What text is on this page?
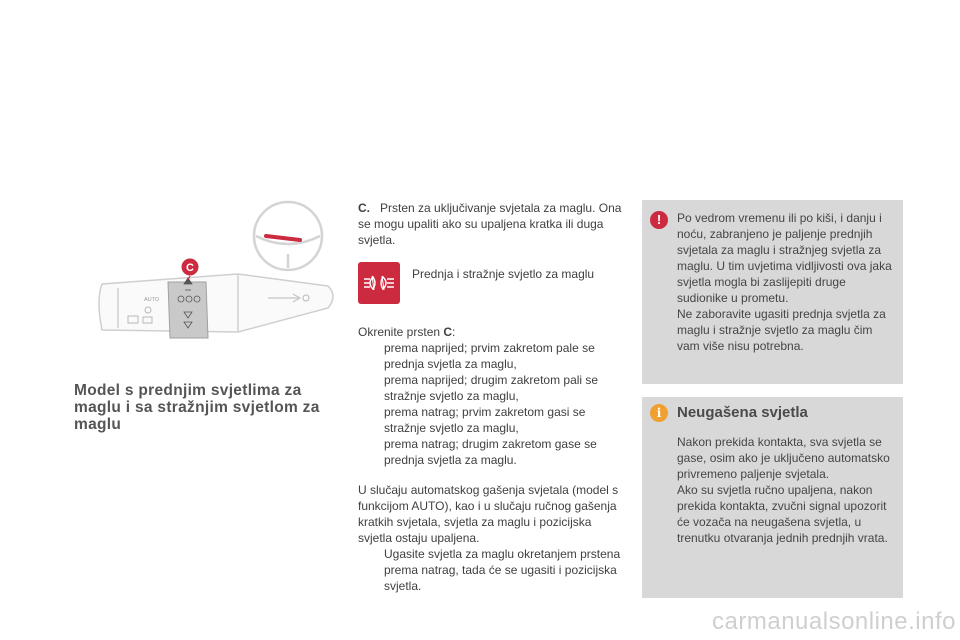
AUTO
C
Model s prednjim svjetlima za maglu i sa stražnjim svjetlom za maglu

C. Prsten za uključivanje svjetala za maglu. Ona se mogu upaliti ako su upaljena kratka ili duga svjetla.

Prednja i stražnje svjetlo za maglu

Okrenite prsten C:

prema naprijed; prvim zakretom pale se prednja svjetla za maglu,
prema naprijed; drugim zakretom pali se stražnje svjetlo za maglu,
prema natrag; prvim zakretom gasi se stražnje svjetlo za maglu,
prema natrag; drugim zakretom gase se prednja svjetla za maglu.

U slučaju automatskog gašenja svjetala (model s funkcijom AUTO), kao i u slučaju ručnog gašenja kratkih svjetala, svjetla za maglu i pozicijska svjetla ostaju upaljena.

Ugasite svjetla za maglu okretanjem prstena prema natrag, tada će se ugasiti i pozicijska svjetla.
!	Po vedrom vremenu ili po kiši, i danju i noću, zabranjeno je paljenje prednjih svjetala za maglu i stražnjeg svjetla za maglu. U tim uvjetima vidljivosti ova jaka svjetla mogla bi zaslijepiti druge sudionike u prometu.
Ne zaboravite ugasiti prednja svjetla za maglu i stražnje svjetlo za maglu čim vam više nisu potrebna.
i	Neugašena svjetla
Nakon prekida kontakta, sva svjetla se gase, osim ako je uključeno automatsko privremeno paljenje svjetala.
Ako su svjetla ručno upaljena, nakon prekida kontakta, zvučni signal upozorit će vozača na neugašena svjetla, u trenutku otvaranja jednih prednjih vrata.
carmanualsonline.info
